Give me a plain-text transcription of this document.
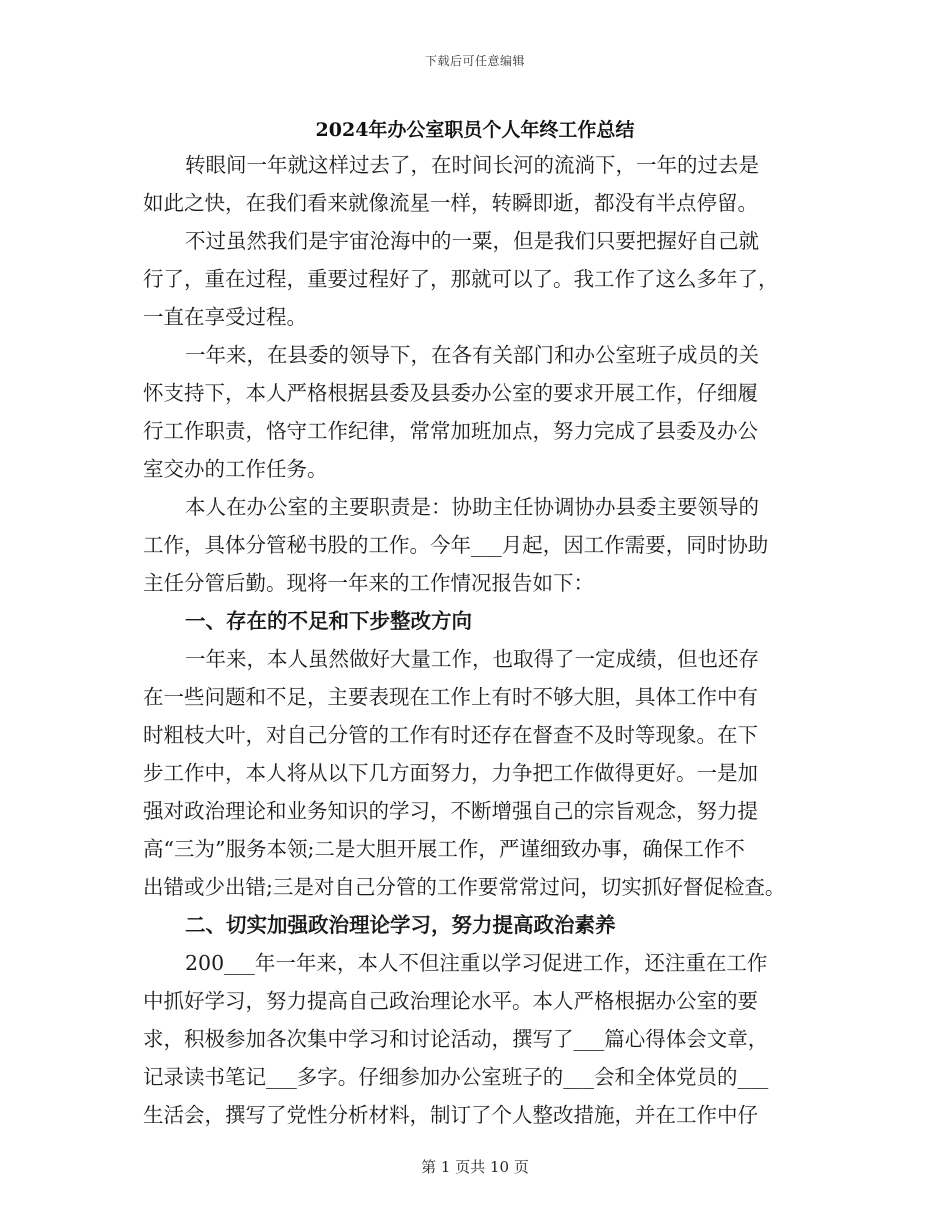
下载后可任意编辑
2024年办公室职员个人年终工作总结
转眼间一年就这样过去了，在时间长河的流淌下，一年的过去是
如此之快，在我们看来就像流星一样，转瞬即逝，都没有半点停留。
不过虽然我们是宇宙沧海中的一粟，但是我们只要把握好自己就
行了，重在过程，重要过程好了，那就可以了。我工作了这么多年了，
一直在享受过程。
一年来，在县委的领导下，在各有关部门和办公室班子成员的关
怀支持下，本人严格根据县委及县委办公室的要求开展工作，仔细履
行工作职责，恪守工作纪律，常常加班加点，努力完成了县委及办公
室交办的工作任务。
本人在办公室的主要职责是：协助主任协调协办县委主要领导的
工作，具体分管秘书股的工作。今年___月起，因工作需要，同时协助
主任分管后勤。现将一年来的工作情况报告如下：
一、存在的不足和下步整改方向
一年来，本人虽然做好大量工作，也取得了一定成绩，但也还存
在一些问题和不足，主要表现在工作上有时不够大胆，具体工作中有
时粗枝大叶，对自己分管的工作有时还存在督查不及时等现象。在下
步工作中，本人将从以下几方面努力，力争把工作做得更好。一是加
强对政治理论和业务知识的学习，不断增强自己的宗旨观念，努力提
高“三为”服务本领;二是大胆开展工作，严谨细致办事，确保工作不
出错或少出错;三是对自己分管的工作要常常过问，切实抓好督促检查。
二、切实加强政治理论学习，努力提高政治素养
200___年一年来，本人不但注重以学习促进工作，还注重在工作
中抓好学习，努力提高自己政治理论水平。本人严格根据办公室的要
求，积极参加各次集中学习和讨论活动，撰写了___篇心得体会文章，
记录读书笔记___多字。仔细参加办公室班子的___会和全体党员的___
生活会，撰写了党性分析材料，制订了个人整改措施，并在工作中仔
第 1 页共 10 页
